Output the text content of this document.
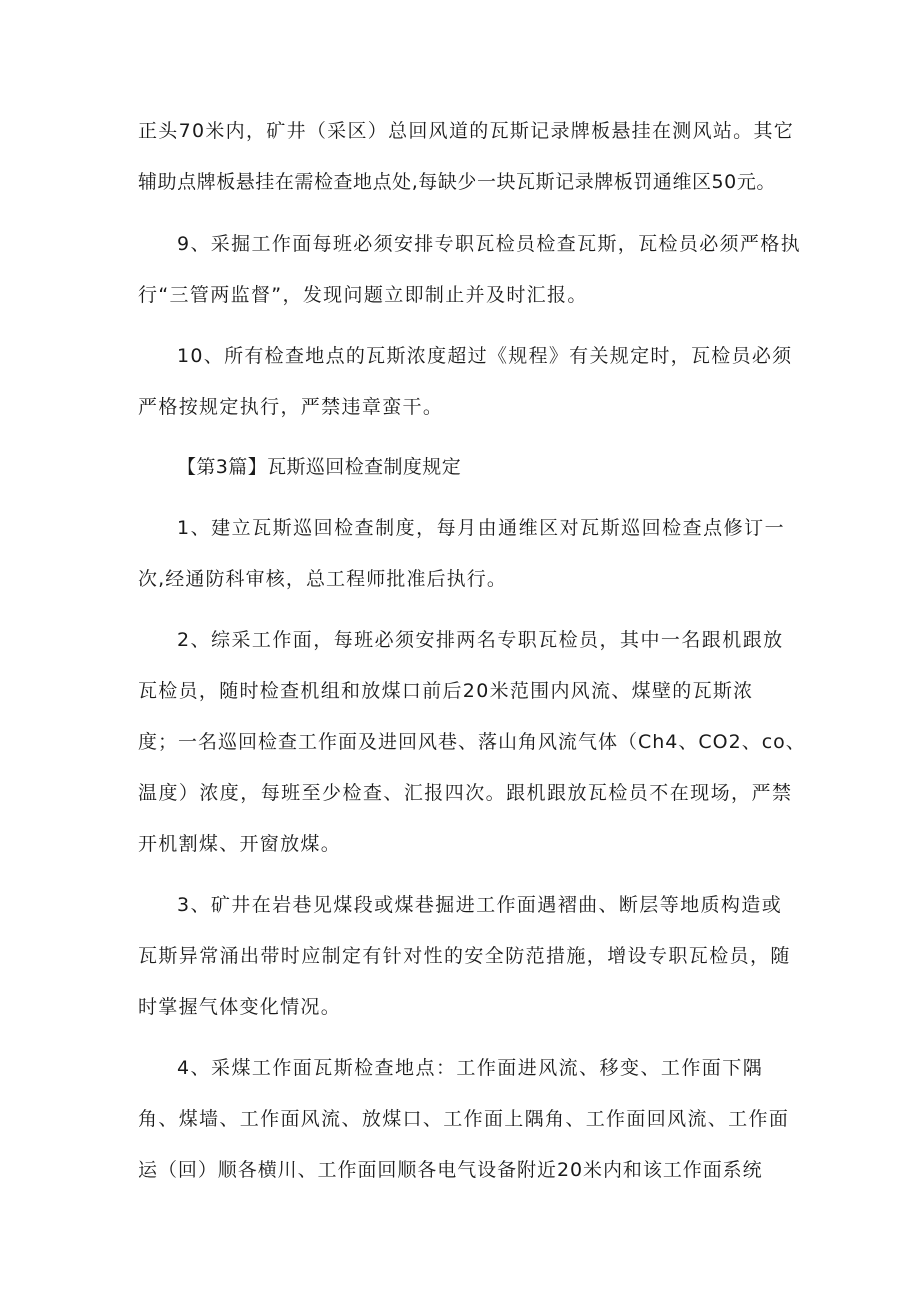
正头70米内，矿井（采区）总回风道的瓦斯记录牌板悬挂在测风站。其它
辅助点牌板悬挂在需检查地点处,每缺少一块瓦斯记录牌板罚通维区50元。
9、采掘工作面每班必须安排专职瓦检员检查瓦斯，瓦检员必须严格执
行“三管两监督”，发现问题立即制止并及时汇报。
10、所有检查地点的瓦斯浓度超过《规程》有关规定时，瓦检员必须
严格按规定执行，严禁违章蛮干。
【第3篇】瓦斯巡回检查制度规定
1、建立瓦斯巡回检查制度，每月由通维区对瓦斯巡回检查点修订一
次,经通防科审核，总工程师批准后执行。
2、综采工作面，每班必须安排两名专职瓦检员，其中一名跟机跟放
瓦检员，随时检查机组和放煤口前后20米范围内风流、煤壁的瓦斯浓
度；一名巡回检查工作面及进回风巷、落山角风流气体（Ch4、CO2、co、
温度）浓度，每班至少检查、汇报四次。跟机跟放瓦检员不在现场，严禁
开机割煤、开窗放煤。
3、矿井在岩巷见煤段或煤巷掘进工作面遇褶曲、断层等地质构造或
瓦斯异常涌出带时应制定有针对性的安全防范措施，增设专职瓦检员，随
时掌握气体变化情况。
4、采煤工作面瓦斯检查地点：工作面进风流、移变、工作面下隅
角、煤墙、工作面风流、放煤口、工作面上隅角、工作面回风流、工作面
运（回）顺各横川、工作面回顺各电气设备附近20米内和该工作面系统
